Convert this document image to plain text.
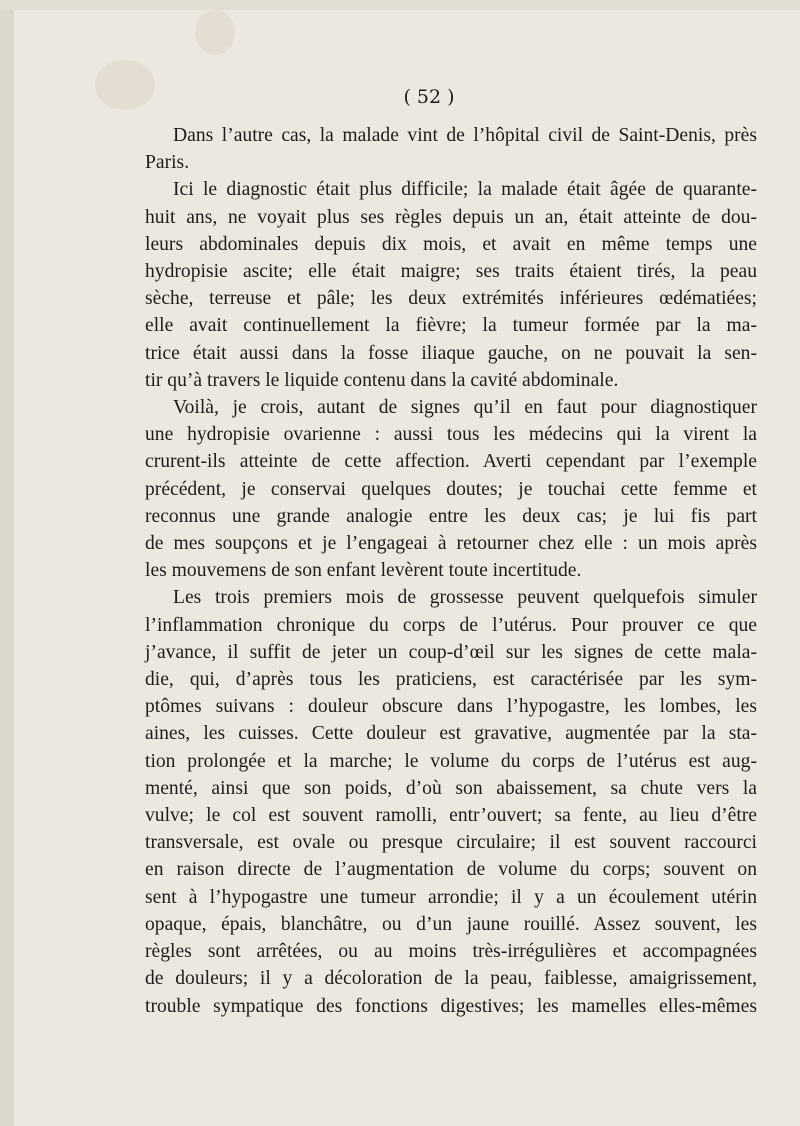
( 52 )
Dans l’autre cas, la malade vint de l’hôpital civil de Saint-Denis, près
Paris.
Ici le diagnostic était plus difficile; la malade était âgée de quarante-
huit ans, ne voyait plus ses règles depuis un an, était atteinte de dou-
leurs abdominales depuis dix mois, et avait en même temps une
hydropisie ascite; elle était maigre; ses traits étaient tirés, la peau
sèche, terreuse et pâle; les deux extrémités inférieures œdématiées;
elle avait continuellement la fièvre; la tumeur formée par la ma-
trice était aussi dans la fosse iliaque gauche, on ne pouvait la sen-
tir qu’à travers le liquide contenu dans la cavité abdominale.
Voilà, je crois, autant de signes qu’il en faut pour diagnostiquer
une hydropisie ovarienne : aussi tous les médecins qui la virent la
crurent-ils atteinte de cette affection. Averti cependant par l’exemple
précédent, je conservai quelques doutes; je touchai cette femme et
reconnus une grande analogie entre les deux cas; je lui fis part
de mes soupçons et je l’engageai à retourner chez elle : un mois après
les mouvemens de son enfant levèrent toute incertitude.
Les trois premiers mois de grossesse peuvent quelquefois simuler
l’inflammation chronique du corps de l’utérus. Pour prouver ce que
j’avance, il suffit de jeter un coup-d’œil sur les signes de cette mala-
die, qui, d’après tous les praticiens, est caractérisée par les sym-
ptômes suivans : douleur obscure dans l’hypogastre, les lombes, les
aines, les cuisses. Cette douleur est gravative, augmentée par la sta-
tion prolongée et la marche; le volume du corps de l’utérus est aug-
menté, ainsi que son poids, d’où son abaissement, sa chute vers la
vulve; le col est souvent ramolli, entr’ouvert; sa fente, au lieu d’être
transversale, est ovale ou presque circulaire; il est souvent raccourci
en raison directe de l’augmentation de volume du corps; souvent on
sent à l’hypogastre une tumeur arrondie; il y a un écoulement utérin
opaque, épais, blanchâtre, ou d’un jaune rouillé. Assez souvent, les
règles sont arrêtées, ou au moins très-irrégulières et accompagnées
de douleurs; il y a décoloration de la peau, faiblesse, amaigrissement,
trouble sympatique des fonctions digestives; les mamelles elles-mêmes
